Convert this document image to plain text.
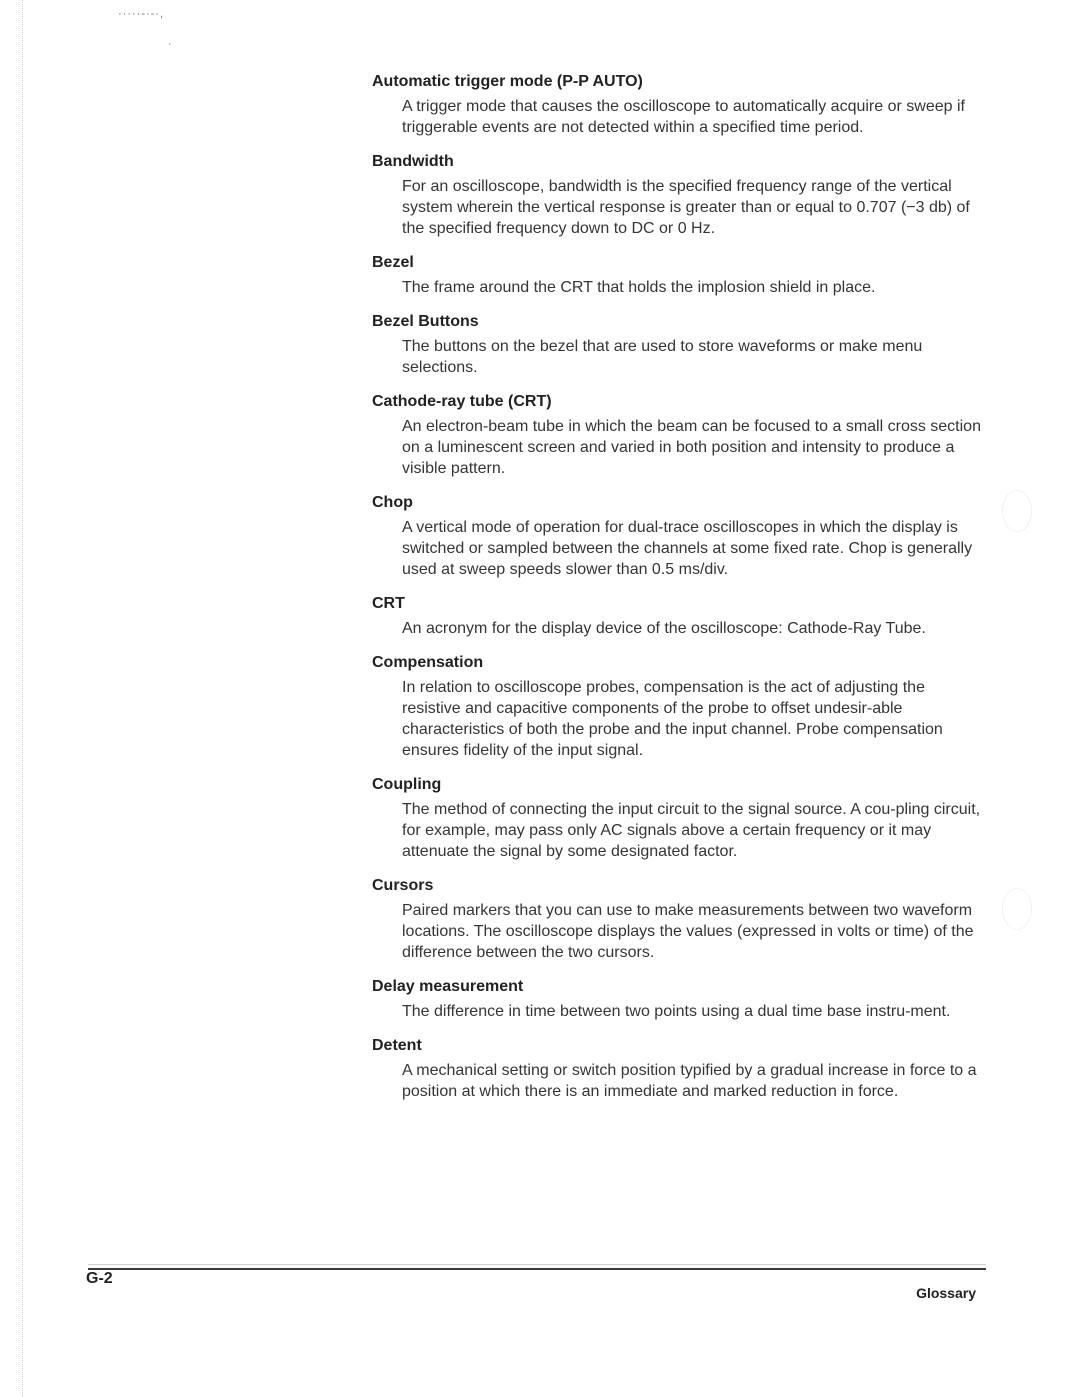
·····-·-·,
·
Automatic trigger mode (P-P AUTO)
A trigger mode that causes the oscilloscope to automatically acquire or sweep if triggerable events are not detected within a specified time period.
Bandwidth
For an oscilloscope, bandwidth is the specified frequency range of the vertical system wherein the vertical response is greater than or equal to 0.707 (−3 db) of the specified frequency down to DC or 0 Hz.
Bezel
The frame around the CRT that holds the implosion shield in place.
Bezel Buttons
The buttons on the bezel that are used to store waveforms or make menu selections.
Cathode-ray tube (CRT)
An electron-beam tube in which the beam can be focused to a small cross section on a luminescent screen and varied in both position and intensity to produce a visible pattern.
Chop
A vertical mode of operation for dual-trace oscilloscopes in which the display is switched or sampled between the channels at some fixed rate. Chop is generally used at sweep speeds slower than 0.5 ms/div.
CRT
An acronym for the display device of the oscilloscope: Cathode-Ray Tube.
Compensation
In relation to oscilloscope probes, compensation is the act of adjusting the resistive and capacitive components of the probe to offset undesir-able characteristics of both the probe and the input channel. Probe compensation ensures fidelity of the input signal.
Coupling
The method of connecting the input circuit to the signal source. A cou-pling circuit, for example, may pass only AC signals above a certain frequency or it may attenuate the signal by some designated factor.
Cursors
Paired markers that you can use to make measurements between two waveform locations. The oscilloscope displays the values (expressed in volts or time) of the difference between the two cursors.
Delay measurement
The difference in time between two points using a dual time base instru-ment.
Detent
A mechanical setting or switch position typified by a gradual increase in force to a position at which there is an immediate and marked reduction in force.
G-2
Glossary
